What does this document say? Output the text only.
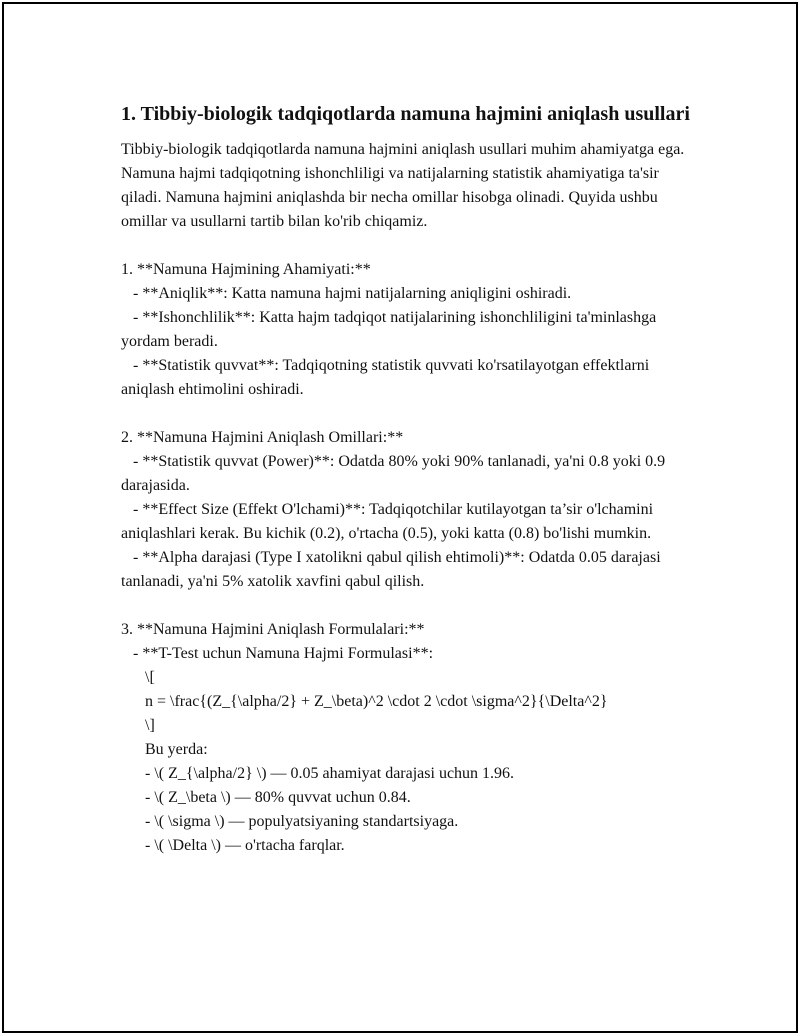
1. Tibbiy-biologik tadqiqotlarda namuna hajmini aniqlash usullari

Tibbiy-biologik tadqiqotlarda namuna hajmini aniqlash usullari muhim ahamiyatga ega. Namuna hajmi tadqiqotning ishonchliligi va natijalarning statistik ahamiyatiga ta'sir qiladi. Namuna hajmini aniqlashda bir necha omillar hisobga olinadi. Quyida ushbu omillar va usullarni tartib bilan ko'rib chiqamiz.

1. **Namuna Hajmining Ahamiyati:**
- **Aniqlik**: Katta namuna hajmi natijalarning aniqligini oshiradi.
- **Ishonchlilik**: Katta hajm tadqiqot natijalarining ishonchliligini ta'minlashga yordam beradi.
- **Statistik quvvat**: Tadqiqotning statistik quvvati ko'rsatilayotgan effektlarni aniqlash ehtimolini oshiradi.
2. **Namuna Hajmini Aniqlash Omillari:**
- **Statistik quvvat (Power)**: Odatda 80% yoki 90% tanlanadi, ya'ni 0.8 yoki 0.9 darajasida.
- **Effect Size (Effekt O'lchami)**: Tadqiqotchilar kutilayotgan ta’sir o'lchamini aniqlashlari kerak. Bu kichik (0.2), o'rtacha (0.5), yoki katta (0.8) bo'lishi mumkin.
- **Alpha darajasi (Type I xatolikni qabul qilish ehtimoli)**: Odatda 0.05 darajasi tanlanadi, ya'ni 5% xatolik xavfini qabul qilish.
3. **Namuna Hajmini Aniqlash Formulalari:**
- **T-Test uchun Namuna Hajmi Formulasi**:
\[
n = \frac{(Z_{\alpha/2} + Z_\beta)^2 \cdot 2 \cdot \sigma^2}{\Delta^2}
\]
Bu yerda:
- \( Z_{\alpha/2} \) — 0.05 ahamiyat darajasi uchun 1.96.
- \( Z_\beta \) — 80% quvvat uchun 0.84.
- \( \sigma \) — populyatsiyaning standartsiyaga.
- \( \Delta \) — o'rtacha farqlar.
